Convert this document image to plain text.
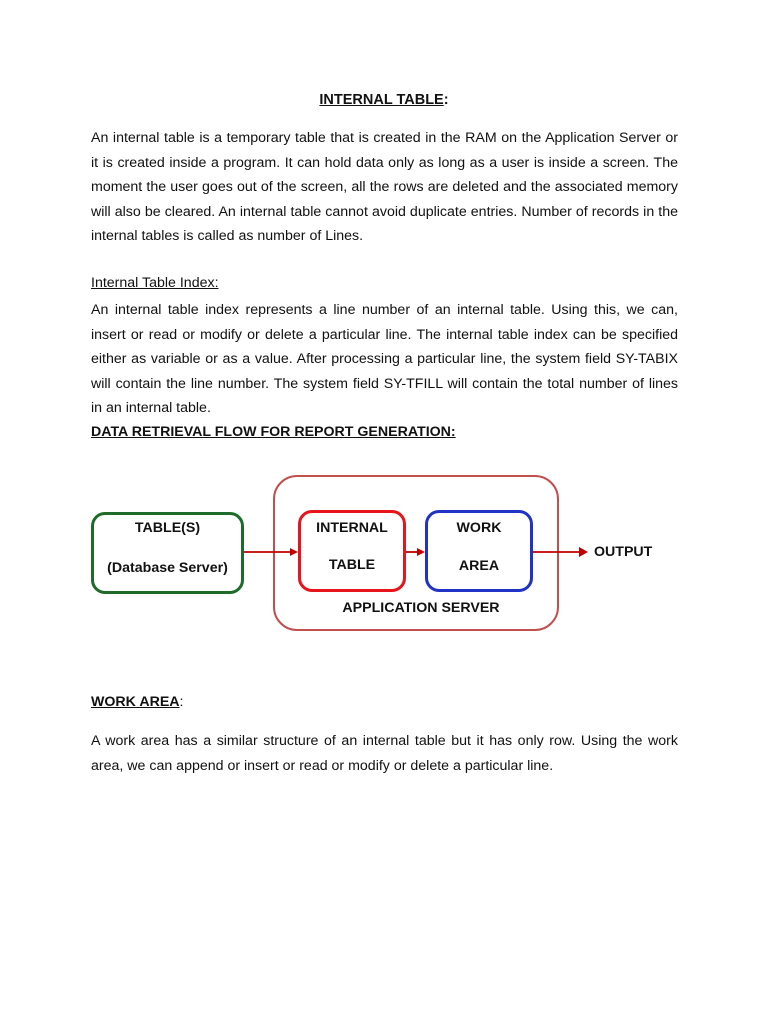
INTERNAL TABLE:
An internal table is a temporary table that is created in the RAM on the Application Server or it is created inside a program. It can hold data only as long as a user is inside a screen. The moment the user goes out of the screen, all the rows are deleted and the associated memory will also be cleared. An internal table cannot avoid duplicate entries. Number of records in the internal tables is called as number of Lines.
Internal Table Index:
An internal table index represents a line number of an internal table. Using this, we can, insert or read or modify or delete a particular line. The internal table index can be specified either as variable or as a value. After processing a particular line, the system field SY-TABIX will contain the line number. The system field SY-TFILL will contain the total number of lines in an internal table.
DATA RETRIEVAL FLOW FOR REPORT GENERATION:
TABLE(S)
(Database Server)
INTERNAL
TABLE
WORK
AREA
OUTPUT
APPLICATION SERVER
WORK AREA:
A work area has a similar structure of an internal table but it has only row. Using the work area, we can append or insert or read or modify or delete a particular line.
